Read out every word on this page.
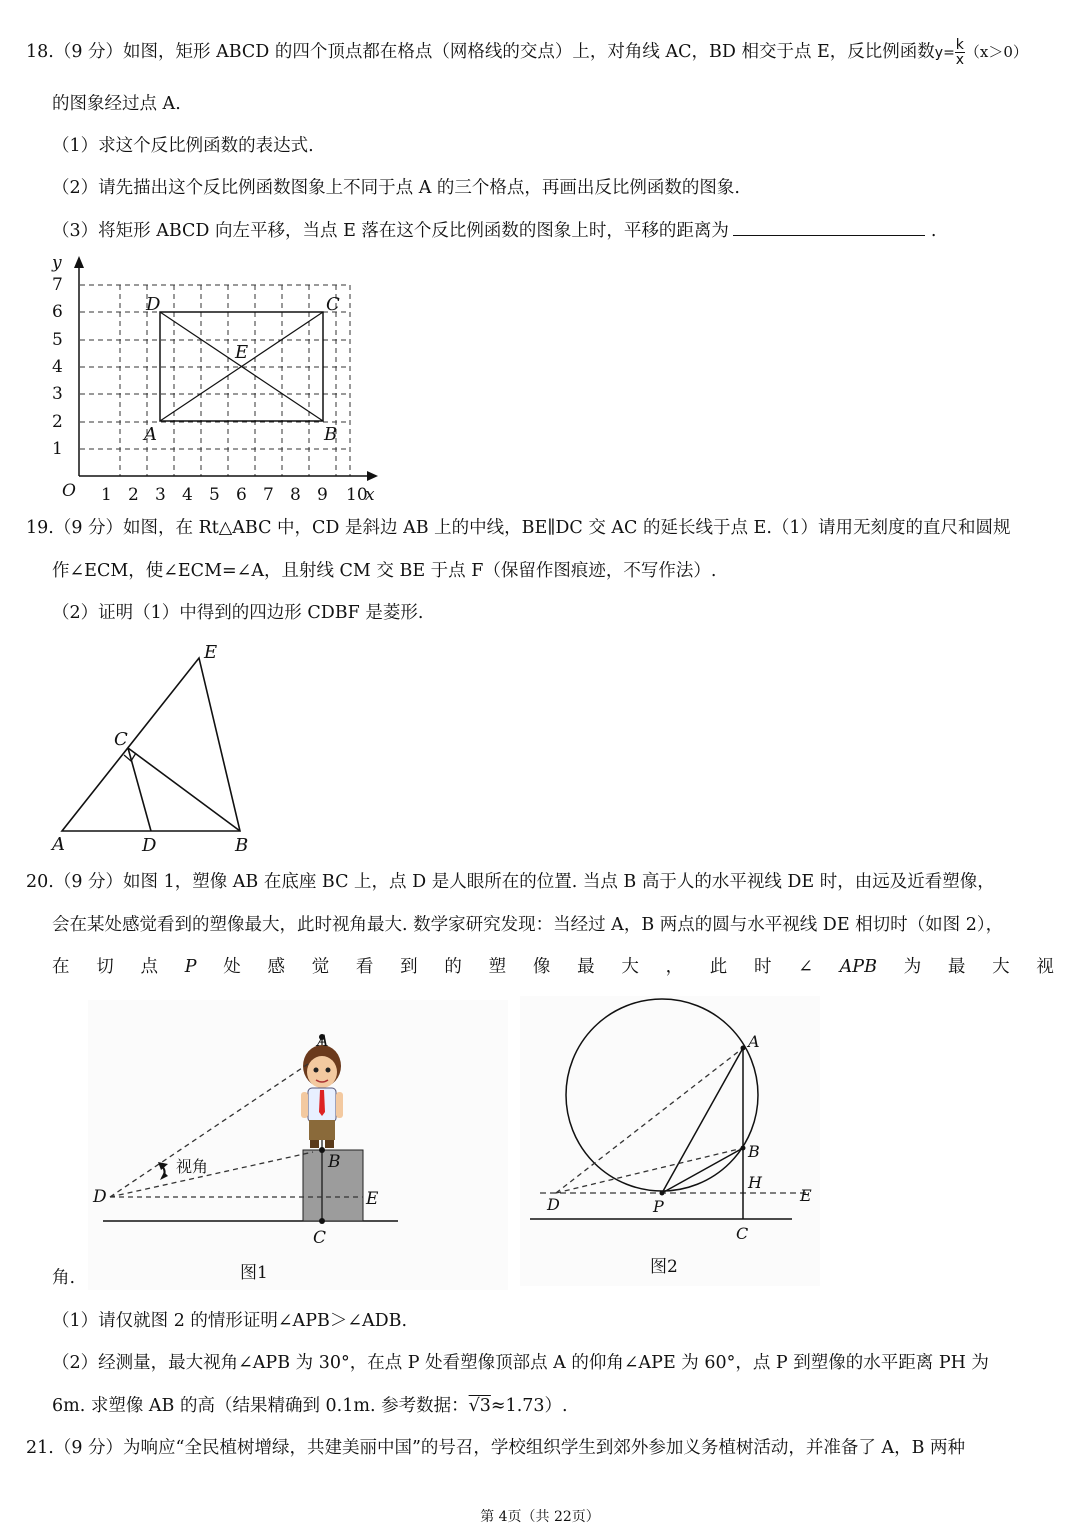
18.（9 分）如图，矩形 ABCD 的四个顶点都在格点（网格线的交点）上，对角线 AC，BD 相交于点 E，反比例函数$y= \frac{k}{x} (x>0)$
的图象经过点 A.
（1）求这个反比例函数的表达式.
（2）请先描出这个反比例函数图象上不同于点 A 的三个格点，再画出反比例函数的图象.
（3）将矩形 ABCD 向左平移，当点 E 落在这个反比例函数的图象上时，平移的距离为	.
y
O	x
1
2
3
4
5
6
7
1 2 3 4 5 6 7 8 9 10
A	B
C
D
E
19.（9 分）如图，在 Rt△ABC 中，CD 是斜边 AB 上的中线，BE∥DC 交 AC 的延长线于点 E.（1）请用无刻度的直尺和圆规
作∠ECM，使∠ECM=∠A，且射线 CM 交 BE 于点 F（保留作图痕迹，不写作法）.
（2）证明（1）中得到的四边形 CDBF 是菱形.
A	B
C
D
E
20.（9 分）如图 1，塑像 AB 在底座 BC 上，点 D 是人眼所在的位置. 当点 B 高于人的水平视线 DE 时，由远及近看塑像，
会在某处感觉看到的塑像最大，此时视角最大. 数学家研究发现：当经过 A，B 两点的圆与水平视线 DE 相切时（如图 2），
在 切 点 P 处 感 觉 看 到 的 塑 像 最 大 ， 此 时 ∠ APB 为 最 大 视
视角
A
B
C
D	E
图1
A
B
C
D	E
H
P
图2
角.
（1）请仅就图 2 的情形证明∠APB＞∠ADB.
（2）经测量，最大视角∠APB 为 30°，在点 P 处看塑像顶部点 A 的仰角∠APE 为 60°，点 P 到塑像的水平距离 PH 为
6m. 求塑像 AB 的高（结果精确到 0.1m. 参考数据：√3≈1.73）.
21.（9 分）为响应“全民植树增绿，共建美丽中国”的号召，学校组织学生到郊外参加义务植树活动，并准备了 A，B 两种
第 4页（共 22页）
